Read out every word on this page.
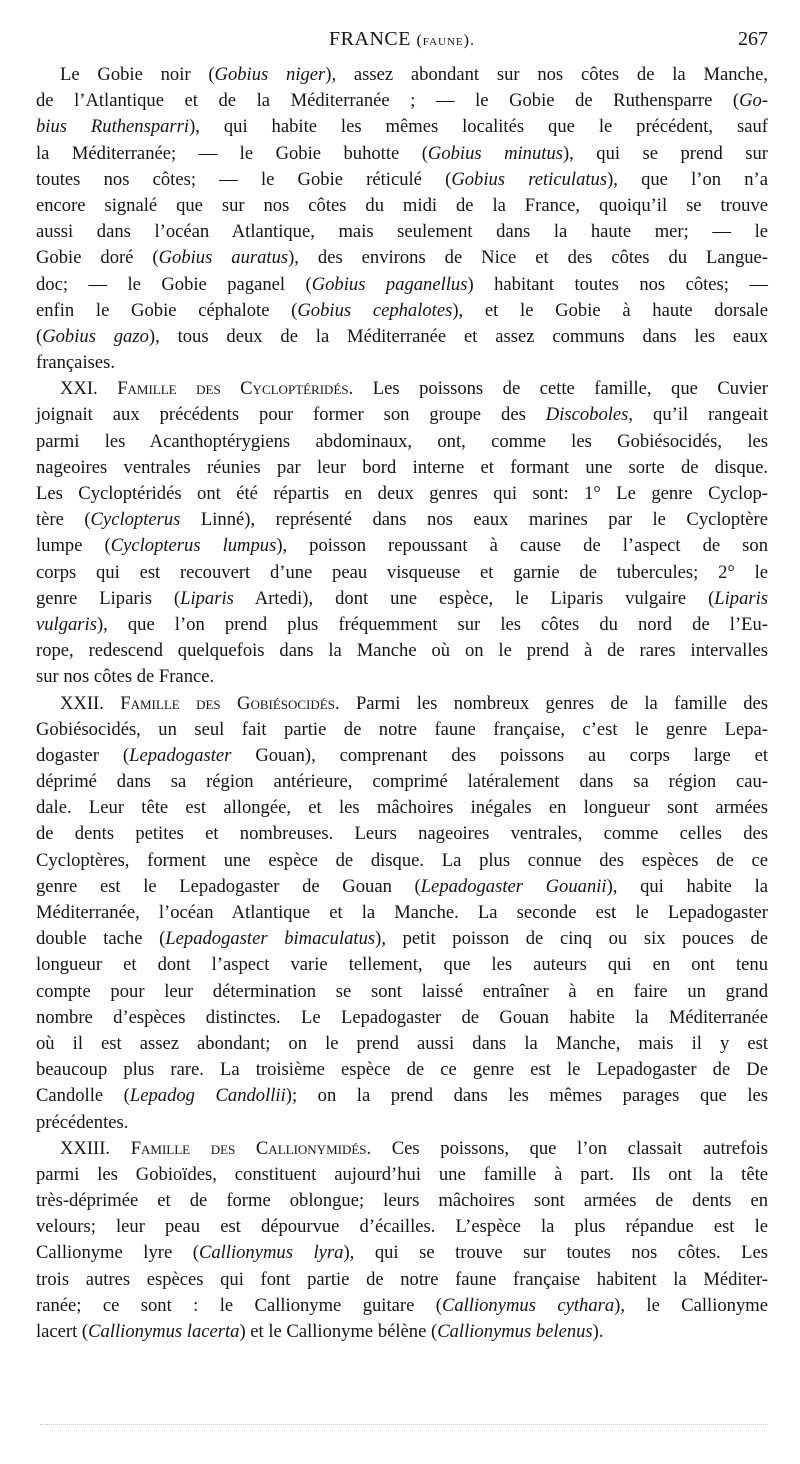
FRANCE (faune).	267
Le Gobie noir (Gobius niger), assez abondant sur nos côtes de la Manche,
de l’Atlantique et de la Méditerranée ; — le Gobie de Ruthensparre (Go-
bius Ruthensparri), qui habite les mêmes localités que le précédent, sauf
la Méditerranée; — le Gobie buhotte (Gobius minutus), qui se prend sur
toutes nos côtes; — le Gobie réticulé (Gobius reticulatus), que l’on n’a
encore signalé que sur nos côtes du midi de la France, quoiqu’il se trouve
aussi dans l’océan Atlantique, mais seulement dans la haute mer; — le
Gobie doré (Gobius auratus), des environs de Nice et des côtes du Langue-
doc; — le Gobie paganel (Gobius paganellus) habitant toutes nos côtes; —
enfin le Gobie céphalote (Gobius cephalotes), et le Gobie à haute dorsale
(Gobius gazo), tous deux de la Méditerranée et assez communs dans les eaux
françaises.
XXI. Famille des Cycloptéridés. Les poissons de cette famille, que Cuvier
joignait aux précédents pour former son groupe des Discoboles, qu’il rangeait
parmi les Acanthoptérygiens abdominaux, ont, comme les Gobiésocidés, les
nageoires ventrales réunies par leur bord interne et formant une sorte de disque.
Les Cycloptéridés ont été répartis en deux genres qui sont: 1° Le genre Cyclop-
tère (Cyclopterus Linné), représenté dans nos eaux marines par le Cycloptère
lumpe (Cyclopterus lumpus), poisson repoussant à cause de l’aspect de son
corps qui est recouvert d’une peau visqueuse et garnie de tubercules; 2° le
genre Liparis (Liparis Artedi), dont une espèce, le Liparis vulgaire (Liparis
vulgaris), que l’on prend plus fréquemment sur les côtes du nord de l’Eu-
rope, redescend quelquefois dans la Manche où on le prend à de rares intervalles
sur nos côtes de France.
XXII. Famille des Gobiésocidés. Parmi les nombreux genres de la famille des
Gobiésocidés, un seul fait partie de notre faune française, c’est le genre Lepa-
dogaster (Lepadogaster Gouan), comprenant des poissons au corps large et
déprimé dans sa région antérieure, comprimé latéralement dans sa région cau-
dale. Leur tête est allongée, et les mâchoires inégales en longueur sont armées
de dents petites et nombreuses. Leurs nageoires ventrales, comme celles des
Cycloptères, forment une espèce de disque. La plus connue des espèces de ce
genre est le Lepadogaster de Gouan (Lepadogaster Gouanii), qui habite la
Méditerranée, l’océan Atlantique et la Manche. La seconde est le Lepadogaster
double tache (Lepadogaster bimaculatus), petit poisson de cinq ou six pouces de
longueur et dont l’aspect varie tellement, que les auteurs qui en ont tenu
compte pour leur détermination se sont laissé entraîner à en faire un grand
nombre d’espèces distinctes. Le Lepadogaster de Gouan habite la Méditerranée
où il est assez abondant; on le prend aussi dans la Manche, mais il y est
beaucoup plus rare. La troisième espèce de ce genre est le Lepadogaster de De
Candolle (Lepadog Candollii); on la prend dans les mêmes parages que les
précédentes.
XXIII. Famille des Callionymidés. Ces poissons, que l’on classait autrefois
parmi les Gobioïdes, constituent aujourd’hui une famille à part. Ils ont la tête
très-déprimée et de forme oblongue; leurs mâchoires sont armées de dents en
velours; leur peau est dépourvue d’écailles. L’espèce la plus répandue est le
Callionyme lyre (Callionymus lyra), qui se trouve sur toutes nos côtes. Les
trois autres espèces qui font partie de notre faune française habitent la Méditer-
ranée; ce sont : le Callionyme guitare (Callionymus cythara), le Callionyme
lacert (Callionymus lacerta) et le Callionyme bélène (Callionymus belenus).
